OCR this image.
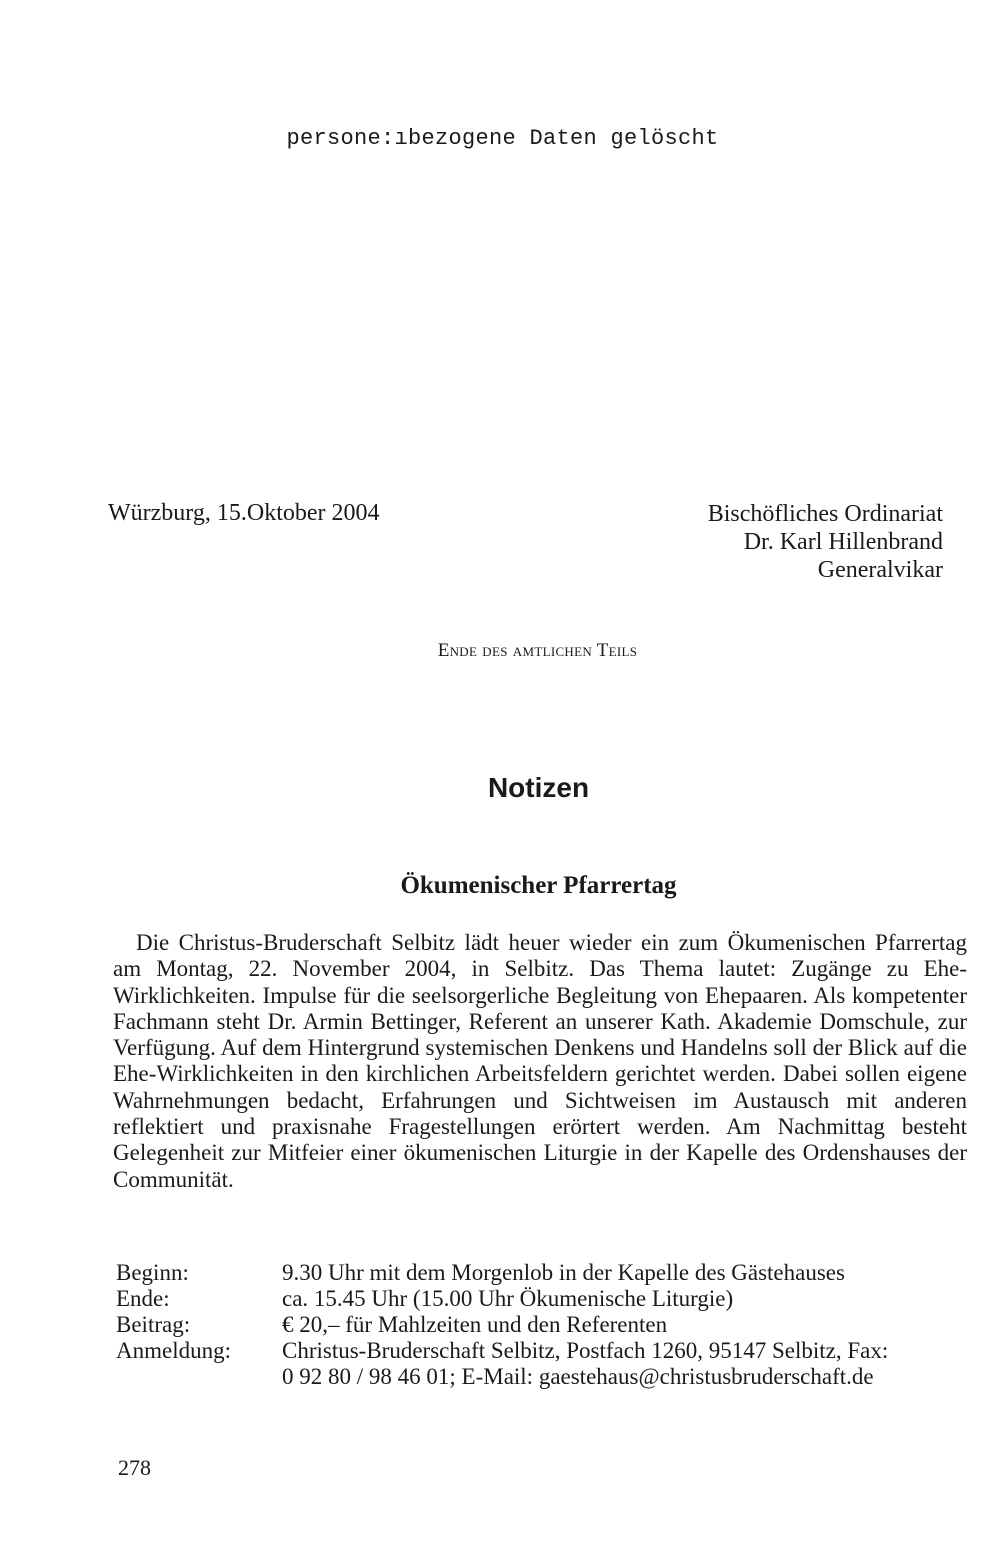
persone:ıbezogene Daten gelöscht
Würzburg, 15.Oktober 2004	Bischöfliches Ordinariat
Dr. Karl Hillenbrand
Generalvikar
Ende des amtlichen Teils
Notizen
Ökumenischer Pfarrertag

Die Christus-Bruderschaft Selbitz lädt heuer wieder ein zum Ökumenischen Pfarrertag am Montag, 22. November 2004, in Selbitz. Das Thema lautet: Zugänge zu Ehe-Wirklichkeiten. Impulse für die seelsorgerliche Begleitung von Ehepaaren. Als kompetenter Fachmann steht Dr. Armin Bettinger, Referent an unserer Kath. Akademie Domschule, zur Verfügung. Auf dem Hintergrund systemischen Denkens und Handelns soll der Blick auf die Ehe-Wirklichkeiten in den kirchlichen Arbeitsfeldern gerichtet werden. Dabei sollen eigene Wahrnehmungen bedacht, Erfahrungen und Sichtweisen im Austausch mit anderen reflektiert und praxisnahe Fragestellungen erörtert werden. Am Nachmittag besteht Gelegenheit zur Mitfeier einer ökumenischen Liturgie in der Kapelle des Ordenshauses der Communität.

Beginn:	9.30 Uhr mit dem Morgenlob in der Kapelle des Gästehauses
Ende:	ca. 15.45 Uhr (15.00 Uhr Ökumenische Liturgie)
Beitrag:	€ 20,– für Mahlzeiten und den Referenten
Anmeldung:	Christus-Bruderschaft Selbitz, Postfach 1260, 95147 Selbitz, Fax:
	0 92 80 / 98 46 01; E-Mail: gaestehaus@christusbruderschaft.de
278
